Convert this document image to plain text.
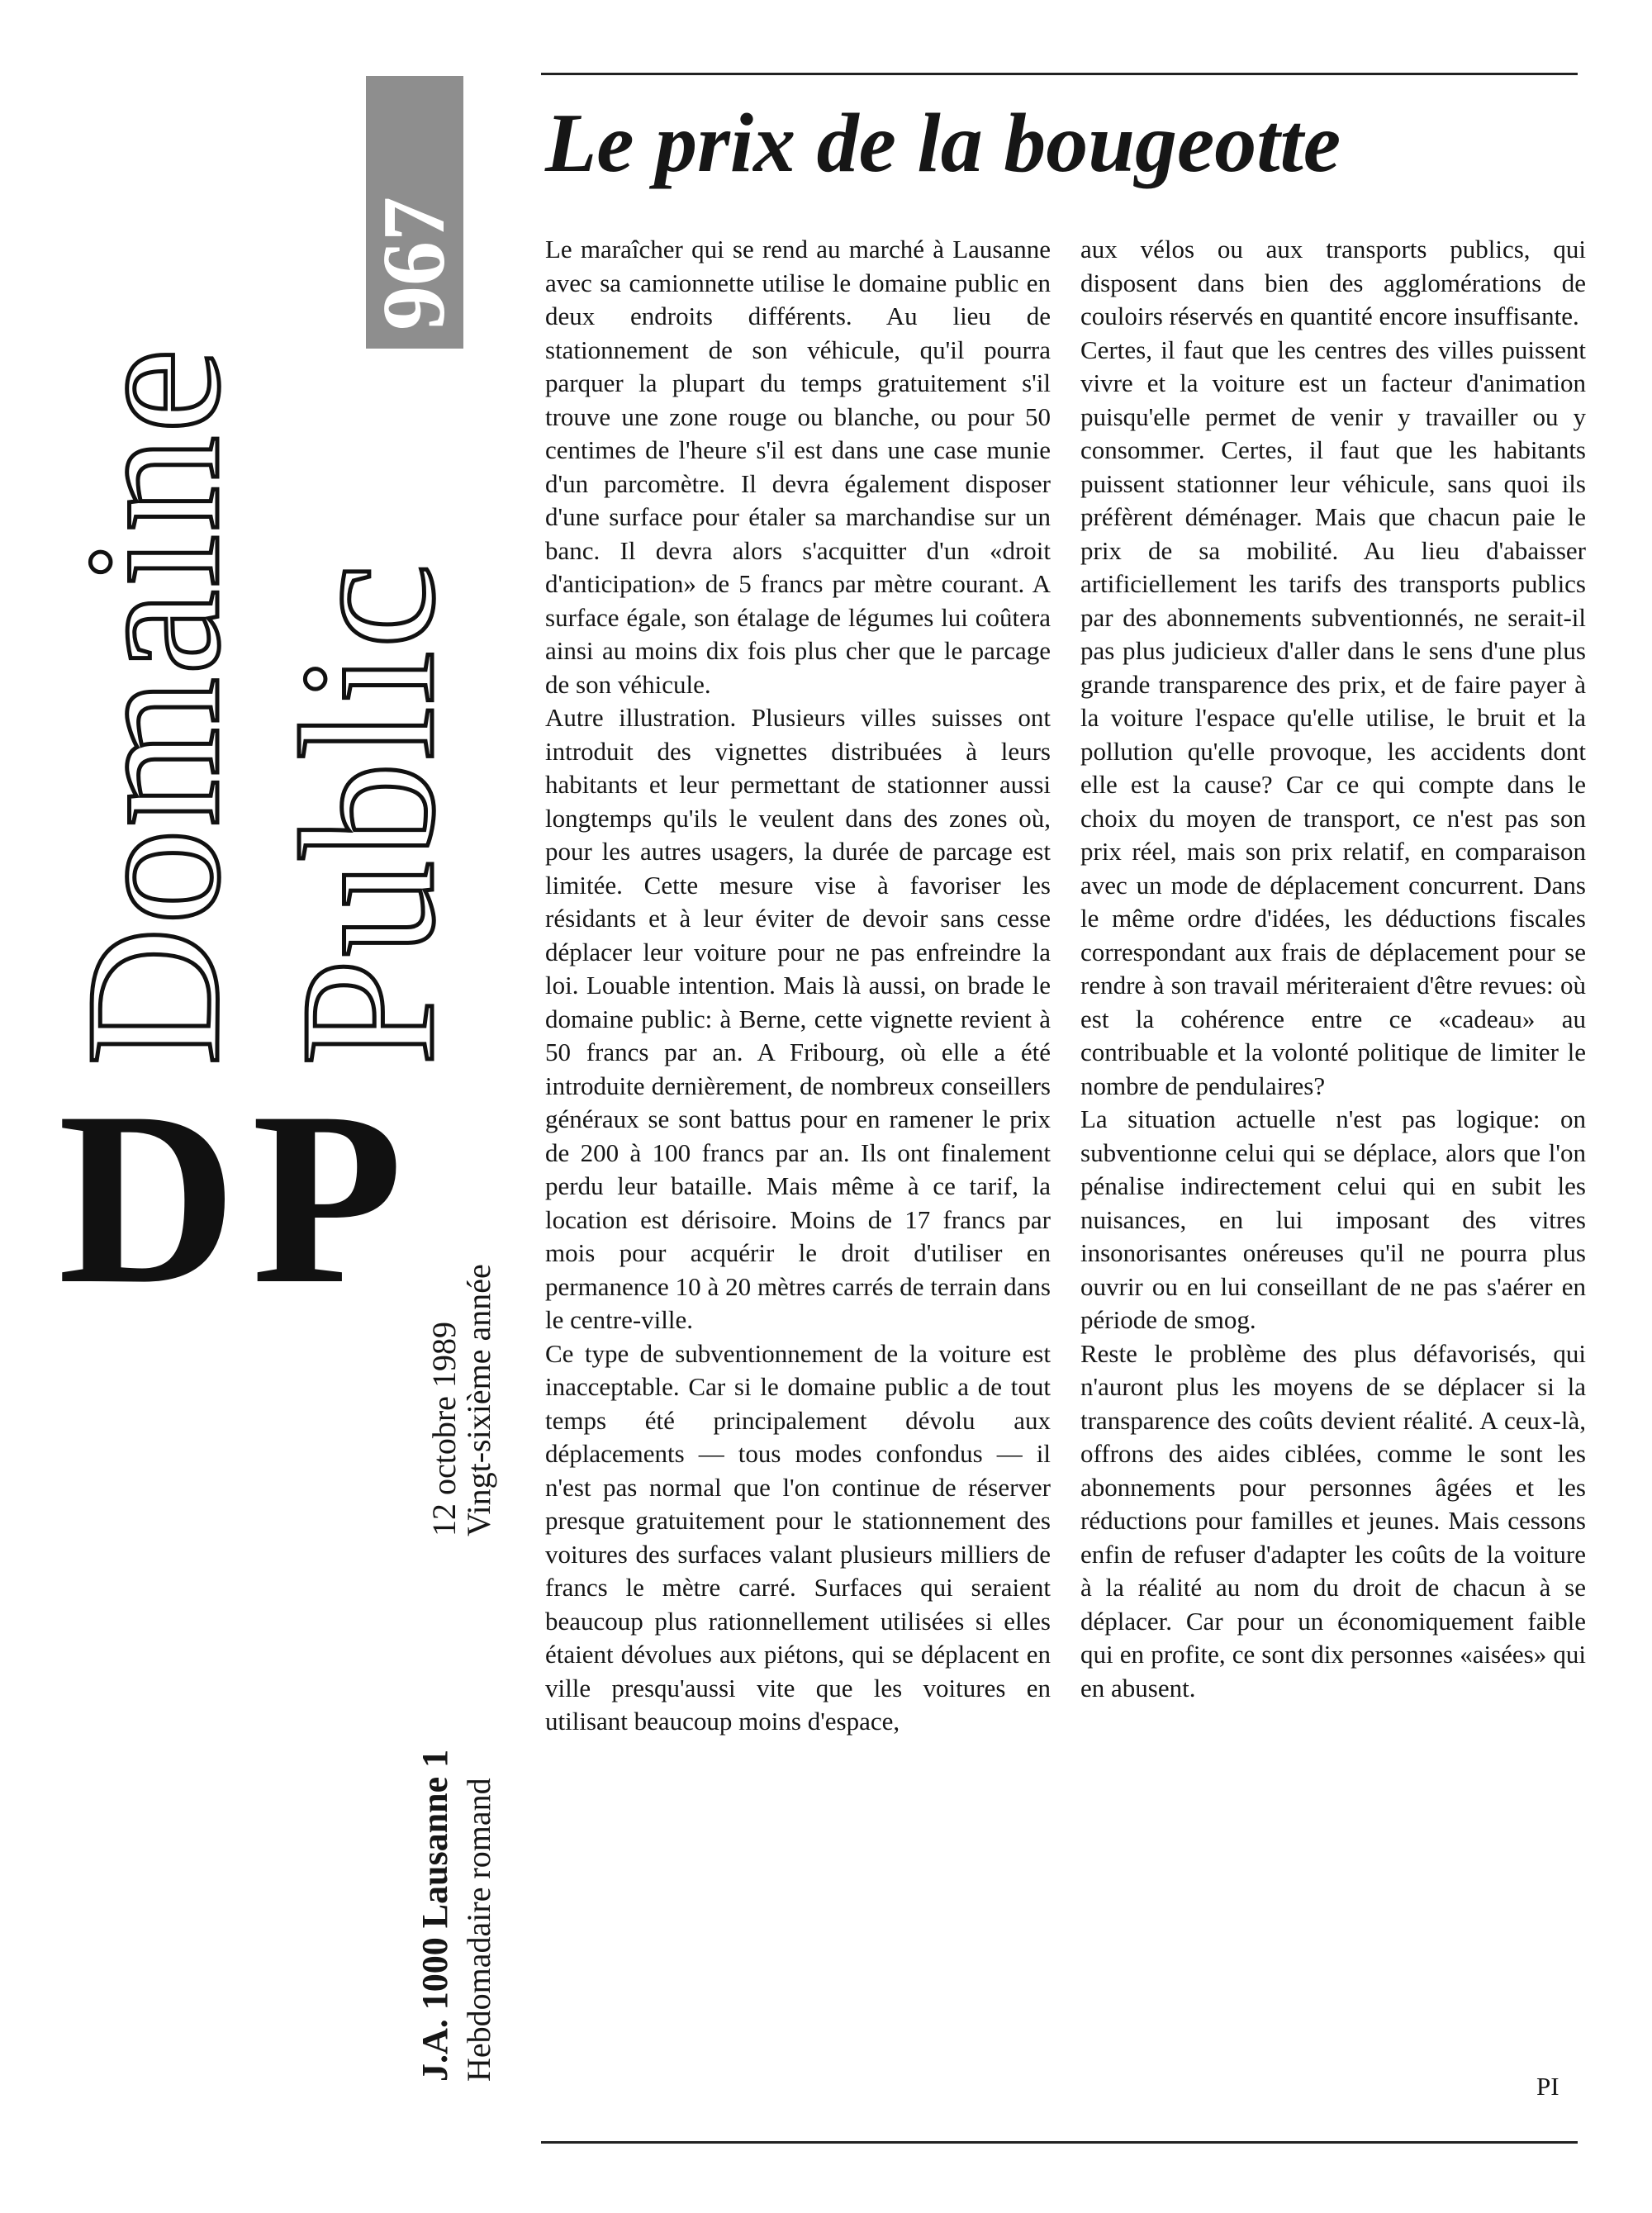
Domaine Public
967
DP
J.A. 1000 Lausanne 1 Hebdomadaire romand
12 octobre 1989
Vingt-sixième année
Le prix de la bougeotte

Le maraîcher qui se rend au marché à Lausanne avec sa camionnette utilise le domaine public en deux endroits différents. Au lieu de stationnement de son véhicule, qu'il pourra parquer la plupart du temps gratuitement s'il trouve une zone rouge ou blanche, ou pour 50 centimes de l'heure s'il est dans une case munie d'un parcomètre. Il devra également disposer d'une surface pour étaler sa marchandise sur un banc. Il devra alors s'acquitter d'un «droit d'anticipation» de 5 francs par mètre courant. A surface égale, son étalage de légumes lui coûtera ainsi au moins dix fois plus cher que le parcage de son véhicule.

Autre illustration. Plusieurs villes suisses ont introduit des vignettes distribuées à leurs habitants et leur permettant de stationner aussi longtemps qu'ils le veulent dans des zones où, pour les autres usagers, la durée de parcage est limitée. Cette mesure vise à favoriser les résidants et à leur éviter de devoir sans cesse déplacer leur voiture pour ne pas enfreindre la loi. Louable intention. Mais là aussi, on brade le domaine public: à Berne, cette vignette revient à 50 francs par an. A Fribourg, où elle a été introduite dernièrement, de nombreux conseillers généraux se sont battus pour en ramener le prix de 200 à 100 francs par an. Ils ont finalement perdu leur bataille. Mais même à ce tarif, la location est dérisoire. Moins de 17 francs par mois pour acquérir le droit d'utiliser en permanence 10 à 20 mètres carrés de terrain dans le centre-ville.

Ce type de subventionnement de la voiture est inacceptable. Car si le domaine public a de tout temps été principalement dévolu aux déplacements — tous modes confondus — il n'est pas normal que l'on continue de réserver presque gratuitement pour le stationnement des voitures des surfaces valant plusieurs milliers de francs le mètre carré. Surfaces qui seraient beaucoup plus rationnellement utilisées si elles étaient dévolues aux piétons, qui se déplacent en ville presqu'aussi vite que les voitures en utilisant beaucoup moins d'espace,

aux vélos ou aux transports publics, qui disposent dans bien des agglomérations de couloirs réservés en quantité encore insuffisante.

Certes, il faut que les centres des villes puissent vivre et la voiture est un facteur d'animation puisqu'elle permet de venir y travailler ou y consommer. Certes, il faut que les habitants puissent stationner leur véhicule, sans quoi ils préfèrent déménager. Mais que chacun paie le prix de sa mobilité. Au lieu d'abaisser artificiellement les tarifs des transports publics par des abonnements subventionnés, ne serait-il pas plus judicieux d'aller dans le sens d'une plus grande transparence des prix, et de faire payer à la voiture l'espace qu'elle utilise, le bruit et la pollution qu'elle provoque, les accidents dont elle est la cause? Car ce qui compte dans le choix du moyen de transport, ce n'est pas son prix réel, mais son prix relatif, en comparaison avec un mode de déplacement concurrent. Dans le même ordre d'idées, les déductions fiscales correspondant aux frais de déplacement pour se rendre à son travail mériteraient d'être revues: où est la cohérence entre ce «cadeau» au contribuable et la volonté politique de limiter le nombre de pendulaires?

La situation actuelle n'est pas logique: on subventionne celui qui se déplace, alors que l'on pénalise indirectement celui qui en subit les nuisances, en lui imposant des vitres insonorisantes onéreuses qu'il ne pourra plus ouvrir ou en lui conseillant de ne pas s'aérer en période de smog.

Reste le problème des plus défavorisés, qui n'auront plus les moyens de se déplacer si la transparence des coûts devient réalité. A ceux-là, offrons des aides ciblées, comme le sont les abonnements pour personnes âgées et les réductions pour familles et jeunes. Mais cessons enfin de refuser d'adapter les coûts de la voiture à la réalité au nom du droit de chacun à se déplacer. Car pour un économiquement faible qui en profite, ce sont dix personnes «aisées» qui en abusent.

PI
